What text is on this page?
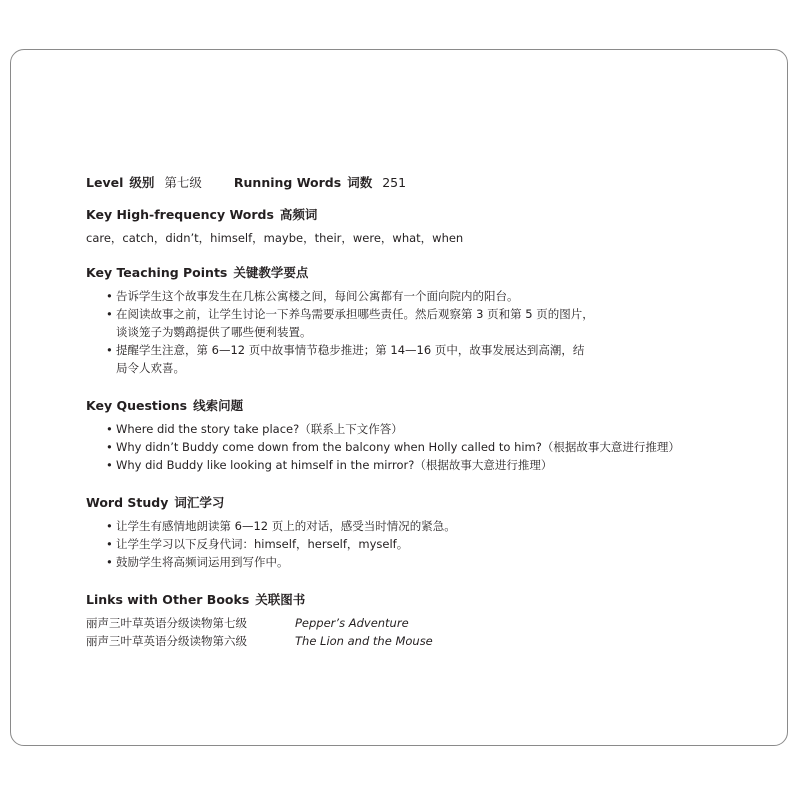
Level 级别 第七级	Running Words 词数 251
Key High-frequency Words 高频词
care，catch，didn’t，himself，maybe，their，were，what，when
Key Teaching Points 关键教学要点
• 告诉学生这个故事发生在几栋公寓楼之间，每间公寓都有一个面向院内的阳台。
• 在阅读故事之前，让学生讨论一下养鸟需要承担哪些责任。然后观察第 3 页和第 5 页的图片，
谈谈笼子为鹦鹉提供了哪些便利装置。
• 提醒学生注意，第 6—12 页中故事情节稳步推进；第 14—16 页中，故事发展达到高潮，结
局令人欢喜。
Key Questions 线索问题
• Where did the story take place?（联系上下文作答）
• Why didn’t Buddy come down from the balcony when Holly called to him?（根据故事大意进行推理）
• Why did Buddy like looking at himself in the mirror?（根据故事大意进行推理）
Word Study 词汇学习
• 让学生有感情地朗读第 6—12 页上的对话，感受当时情况的紧急。
• 让学生学习以下反身代词：himself，herself，myself。
• 鼓励学生将高频词运用到写作中。
Links with Other Books 关联图书
丽声三叶草英语分级读物第七级	Pepper’s Adventure
丽声三叶草英语分级读物第六级	The Lion and the Mouse
